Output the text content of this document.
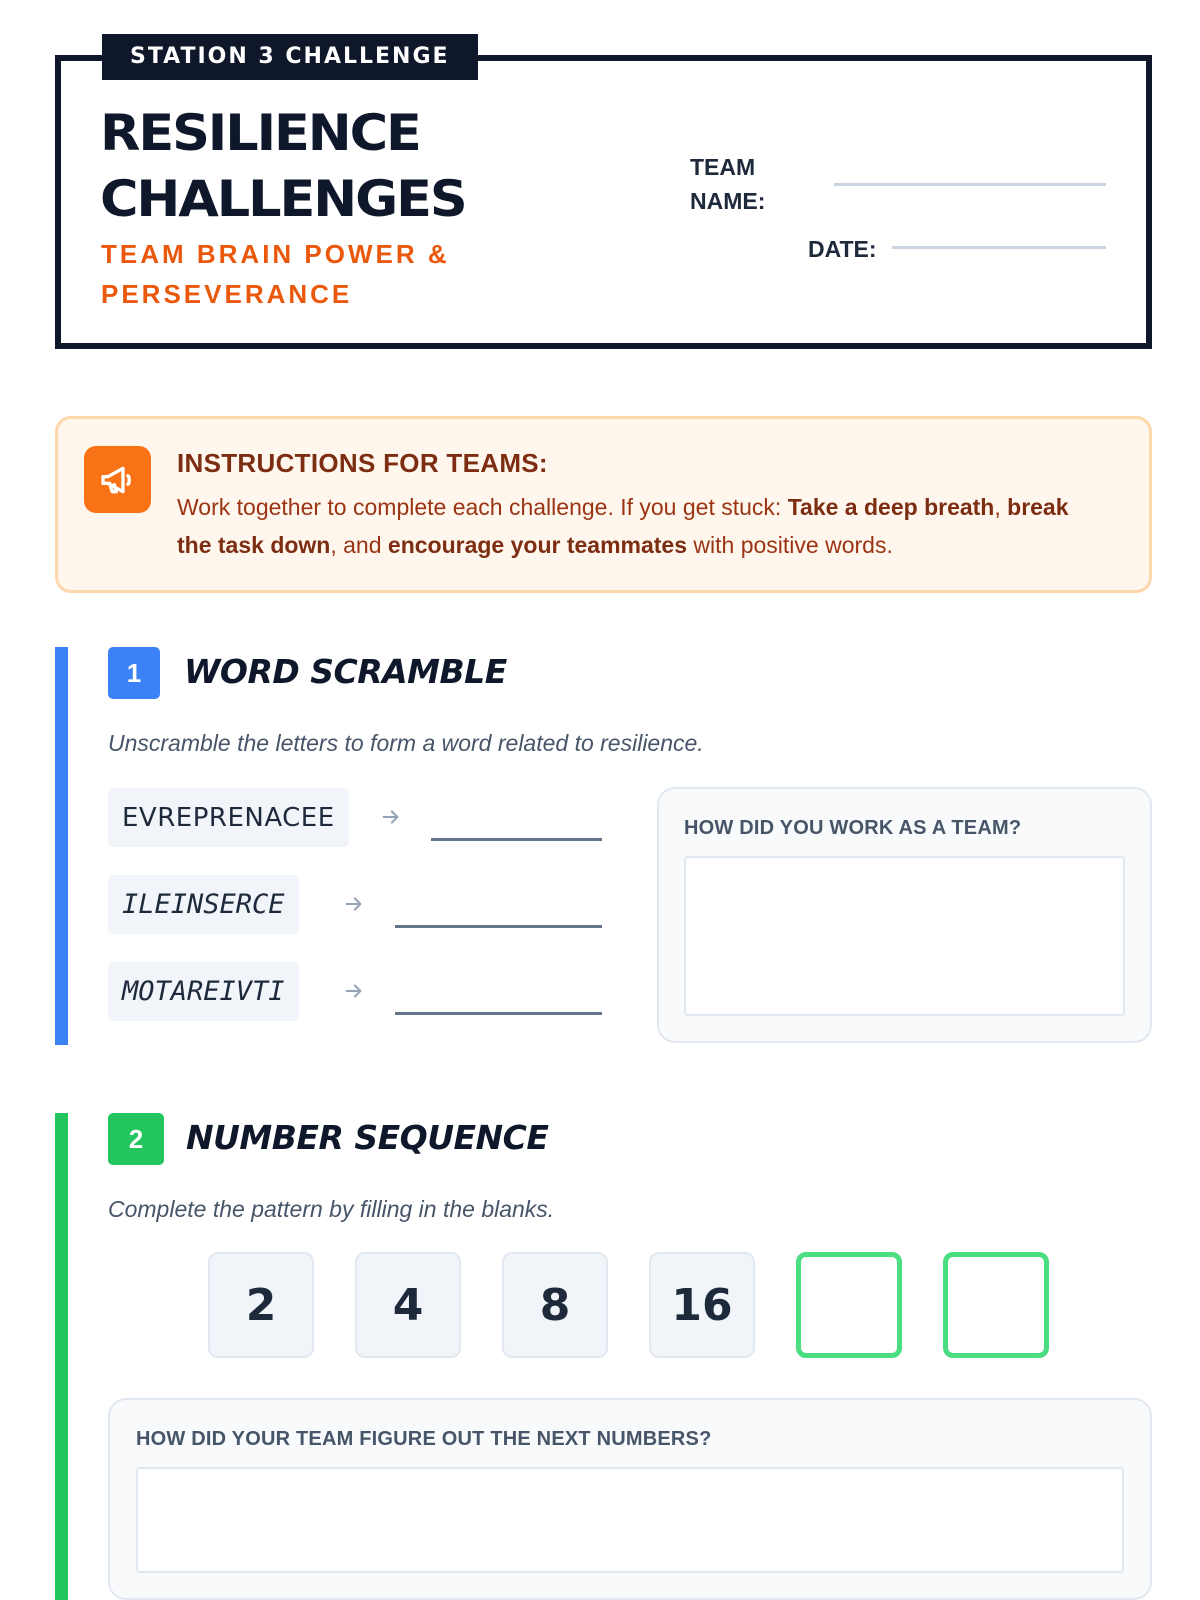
STATION 3 CHALLENGE
RESILIENCE
CHALLENGES
TEAM BRAIN POWER & PERSEVERANCE
TEAM NAME:
DATE:
INSTRUCTIONS FOR TEAMS:
Work together to complete each challenge. If you get stuck: Take a deep breath, break the task down, and encourage your teammates with positive words.
1	WORD SCRAMBLE
Unscramble the letters to form a word related to resilience.
EVREPRENACEE
ILEINSERCE
MOTAREIVTI
HOW DID YOU WORK AS A TEAM?
2	NUMBER SEQUENCE
Complete the pattern by filling in the blanks.
2	4	8	16
HOW DID YOUR TEAM FIGURE OUT THE NEXT NUMBERS?
